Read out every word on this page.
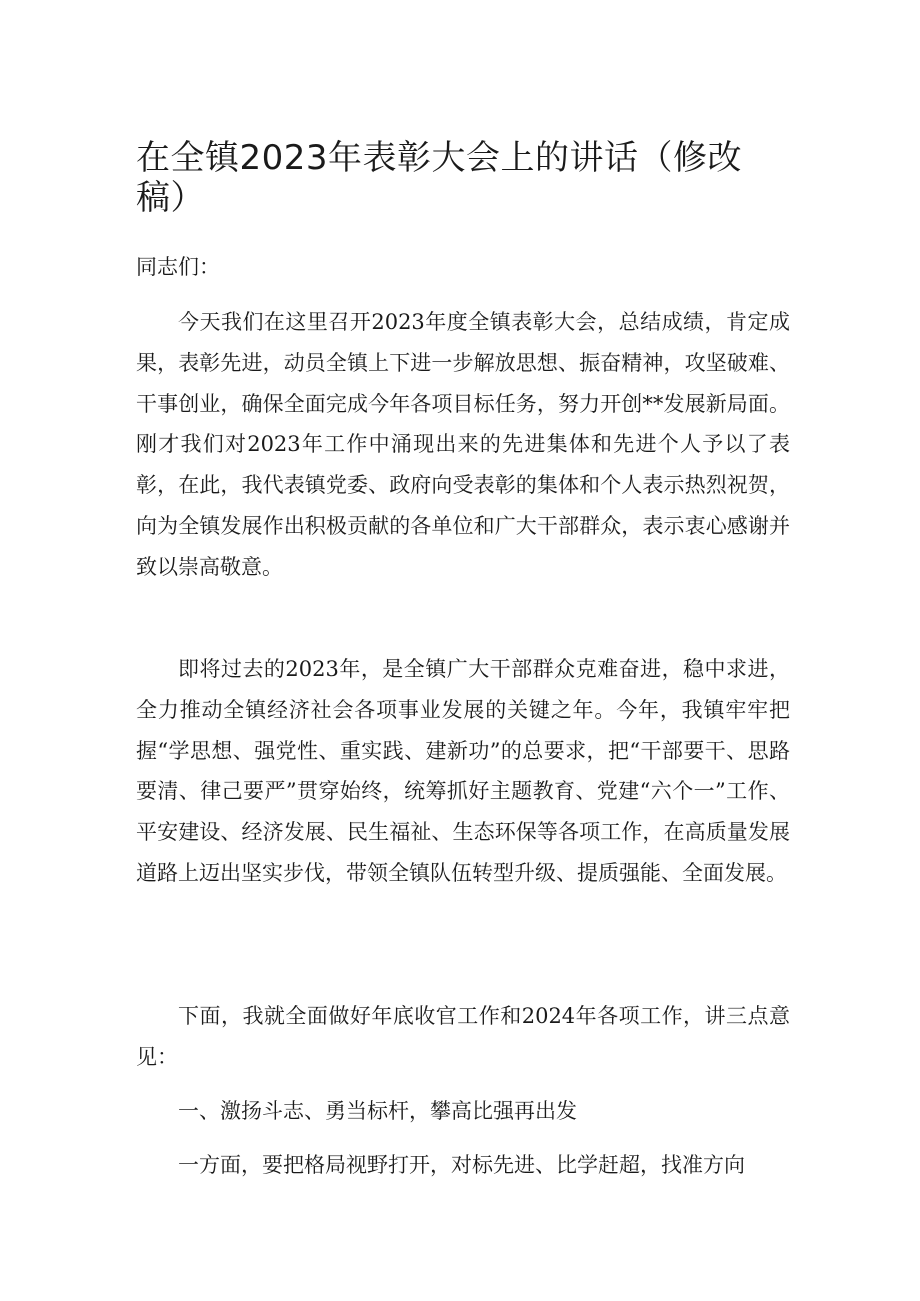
在全镇2023年表彰大会上的讲话（修改稿）

同志们：

今天我们在这里召开2023年度全镇表彰大会，总结成绩，肯定成果，表彰先进，动员全镇上下进一步解放思想、振奋精神，攻坚破难、干事创业，确保全面完成今年各项目标任务，努力开创**发展新局面。刚才我们对2023年工作中涌现出来的先进集体和先进个人予以了表彰，在此，我代表镇党委、政府向受表彰的集体和个人表示热烈祝贺，向为全镇发展作出积极贡献的各单位和广大干部群众，表示衷心感谢并致以崇高敬意。

即将过去的2023年，是全镇广大干部群众克难奋进，稳中求进，全力推动全镇经济社会各项事业发展的关键之年。今年，我镇牢牢把握“学思想、强党性、重实践、建新功”的总要求，把“干部要干、思路要清、律己要严”贯穿始终，统筹抓好主题教育、党建“六个一”工作、平安建设、经济发展、民生福祉、生态环保等各项工作，在高质量发展道路上迈出坚实步伐，带领全镇队伍转型升级、提质强能、全面发展。

下面，我就全面做好年底收官工作和2024年各项工作，讲三点意见：

一、激扬斗志、勇当标杆，攀高比强再出发

一方面，要把格局视野打开，对标先进、比学赶超，找准方向
